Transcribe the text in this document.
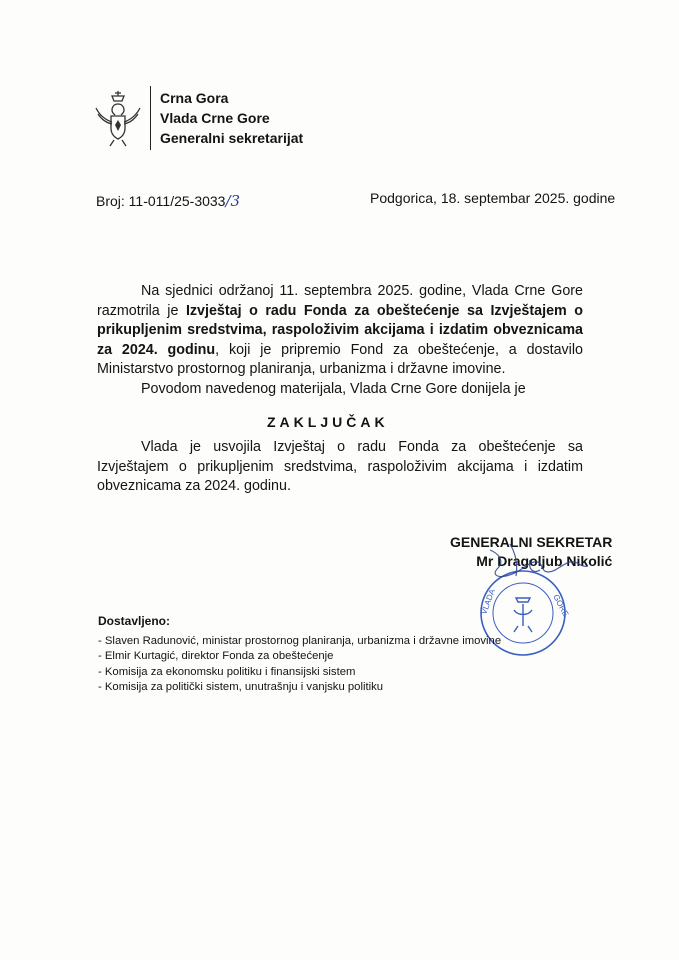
Crna Gora
Vlada Crne Gore
Generalni sekretarijat
Broj: 11-011/25-3033/3	Podgorica, 18. septembar 2025. godine

Na sjednici održanoj 11. septembra 2025. godine, Vlada Crne Gore razmotrila je Izvještaj o radu Fonda za obeštećenje sa Izvještajem o prikupljenim sredstvima, raspoloživim akcijama i izdatim obveznicama za 2024. godinu, koji je pripremio Fond za obeštećenje, a dostavilo Ministarstvo prostornog planiranja, urbanizma i državne imovine.

Povodom navedenog materijala, Vlada Crne Gore donijela je

ZAKLJUČAK

Vlada je usvojila Izvještaj o radu Fonda za obeštećenje sa Izvještajem o prikupljenim sredstvima, raspoloživim akcijama i izdatim obveznicama za 2024. godinu.

VLADA	GORE
GENERALNI SEKRETAR
Mr Dragoljub Nikolić
Dostavljeno:
- Slaven Radunović, ministar prostornog planiranja, urbanizma i državne imovine
- Elmir Kurtagić, direktor Fonda za obeštećenje
- Komisija za ekonomsku politiku i finansijski sistem
- Komisija za politički sistem, unutrašnju i vanjsku politiku
